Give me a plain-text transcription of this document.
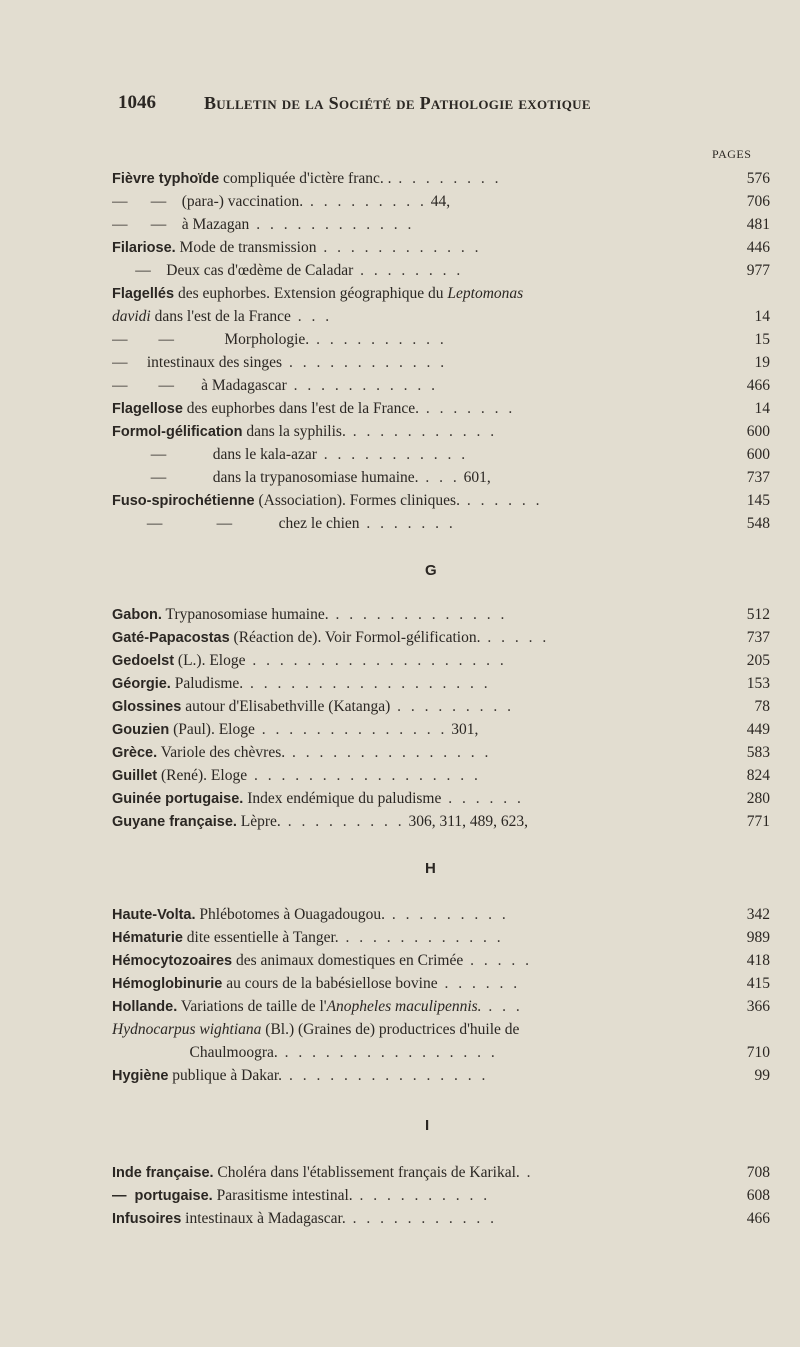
1046	Bulletin de la Société de Pathologie exotique
PAGES
Fièvre typhoïde compliquée d'ictère franc. . . . . . . . . .	576
—      —    (para-) vaccination. . . . . . . . . . 44,	706
—      —    à Mazagan . . . . . . . . . . . .	481
Filariose. Mode de transmission . . . . . . . . . . . .	446
—    Deux cas d'œdème de Caladar . . . . . . . .	977
Flagellés des euphorbes. Extension géographique du Leptomonas
davidi dans l'est de la France . . .	14
—        —             Morphologie. . . . . . . . . . .	15
—     intestinaux des singes . . . . . . . . . . . .	19
—        —       à Madagascar . . . . . . . . . . .	466
Flagellose des euphorbes dans l'est de la France. . . . . . . .	14
Formol-gélification dans la syphilis. . . . . . . . . . . .	600
—            dans le kala-azar . . . . . . . . . . .	600
—            dans la trypanosomiase humaine. . . . 601,	737
Fuso-spirochétienne (Association). Formes cliniques. . . . . . .	145
—              —            chez le chien . . . . . . .	548
G
Gabon. Trypanosomiase humaine. . . . . . . . . . . . . .	512
Gaté-Papacostas (Réaction de). Voir Formol-gélification. . . . . .	737
Gedoelst (L.). Eloge . . . . . . . . . . . . . . . . . . .	205
Géorgie. Paludisme. . . . . . . . . . . . . . . . . . .	153
Glossines autour d'Elisabethville (Katanga) . . . . . . . . .	78
Gouzien (Paul). Eloge . . . . . . . . . . . . . . 301,	449
Grèce. Variole des chèvres. . . . . . . . . . . . . . . .	583
Guillet (René). Eloge . . . . . . . . . . . . . . . . .	824
Guinée portugaise. Index endémique du paludisme . . . . . .	280
Guyane française. Lèpre. . . . . . . . . . 306, 311, 489, 623,	771
H
Haute-Volta. Phlébotomes à Ouagadougou. . . . . . . . . .	342
Hématurie dite essentielle à Tanger. . . . . . . . . . . . .	989
Hémocytozoaires des animaux domestiques en Crimée . . . . .	418
Hémoglobinurie au cours de la babésiellose bovine . . . . . .	415
Hollande. Variations de taille de l'Anopheles maculipennis. . . .	366
Hydnocarpus wightiana (Bl.) (Graines de) productrices d'huile de
Chaulmoogra. . . . . . . . . . . . . . . . .	710
Hygiène publique à Dakar. . . . . . . . . . . . . . . .	99
I
Inde française. Choléra dans l'établissement français de Karikal. .	708
—  portugaise. Parasitisme intestinal. . . . . . . . . . .	608
Infusoires intestinaux à Madagascar. . . . . . . . . . . .	466
